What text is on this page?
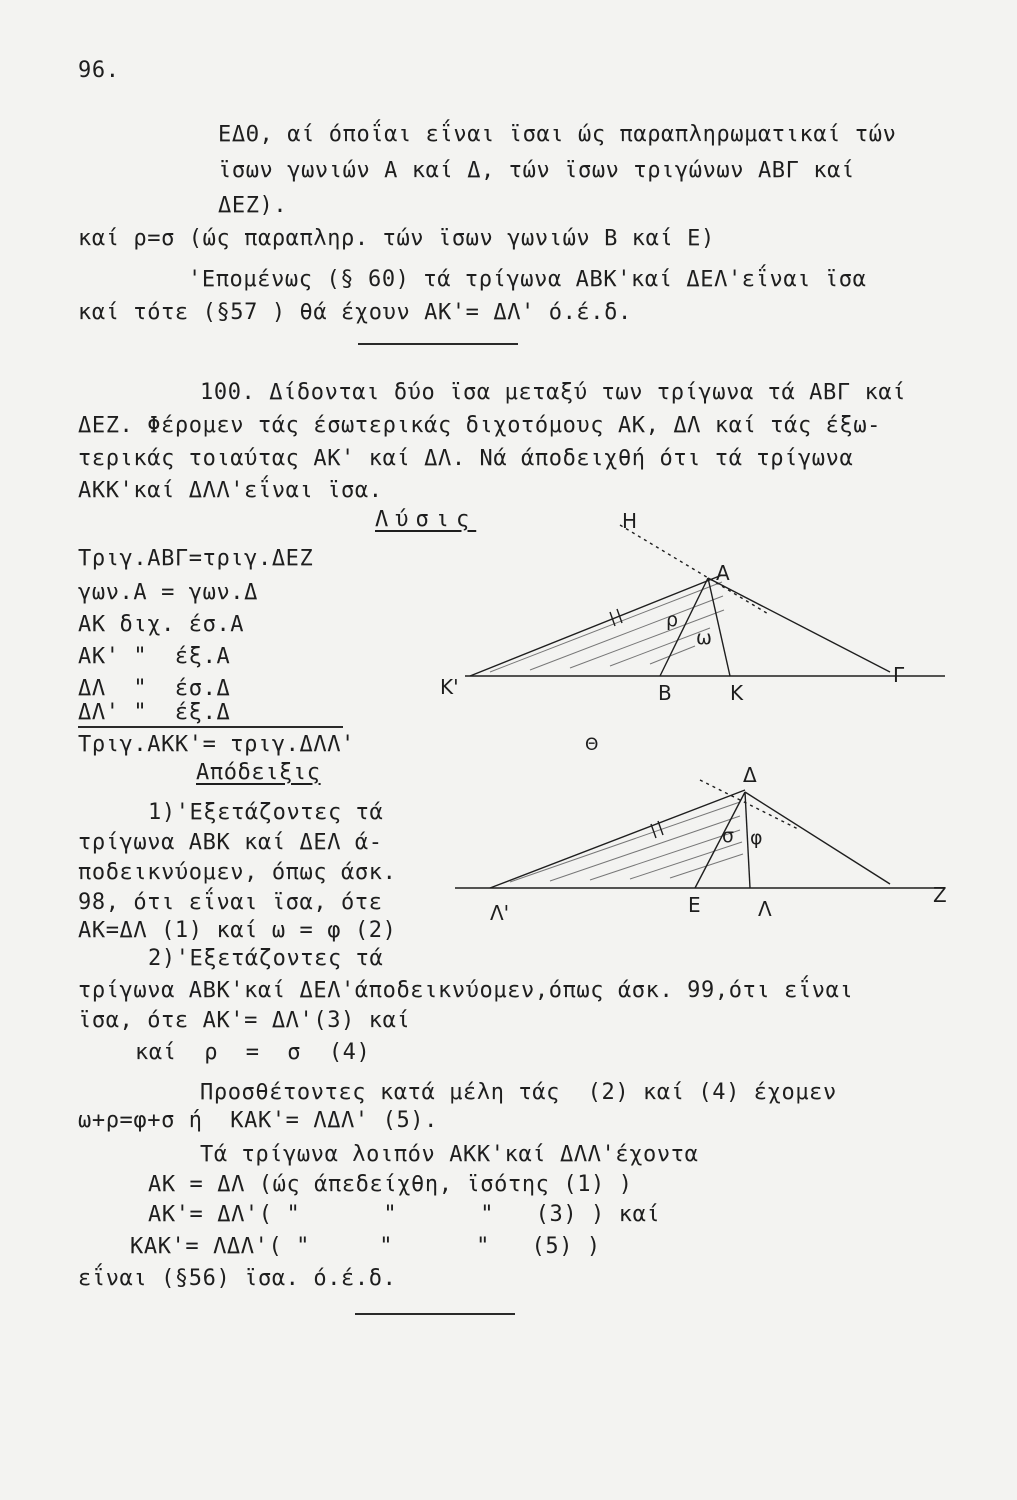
96.
ΕΔΘ, αί όποΐαι εΐναι ϊσαι ώς παραπληρωματικαί τών
ϊσων γωνιών Α καί Δ, τών ϊσων τριγώνων ΑΒΓ καί
ΔΕΖ).
καί ρ=σ (ώς παραπληρ. τών ϊσων γωνιών Β καί Ε)
'Επομένως (§ 60) τά τρίγωνα ΑΒΚ'καί ΔΕΛ'εΐναι ϊσα
καί τότε (§57 ) θά έχουν ΑΚ'= ΔΛ' ό.έ.δ.
100. Δίδονται δύο ϊσα μεταξύ των τρίγωνα τά ΑΒΓ καί
ΔΕΖ. Φέρομεν τάς έσωτερικάς διχοτόμους ΑΚ, ΔΛ καί τάς έξω-
τερικάς τοιαύτας ΑΚ' καί ΔΛ. Νά άποδειχθή ότι τά τρίγωνα
ΑΚΚ'καί ΔΛΛ'εΐναι ϊσα.
Λύσις
Τριγ.ΑΒΓ=τριγ.ΔΕΖ
γων.Α = γων.Δ
ΑΚ διχ. έσ.Α
ΑΚ' "  έξ.Α
ΔΛ  "  έσ.Δ
ΔΛ' "  έξ.Δ
Τριγ.ΑΚΚ'= τριγ.ΔΛΛ'
Απόδειξις
1)'Εξετάζοντες τά
τρίγωνα ΑΒΚ καί ΔΕΛ ά-
ποδεικνύομεν, όπως άσκ.
98, ότι εΐναι ϊσα, ότε
ΑΚ=ΔΛ (1) καί ω = φ (2)
2)'Εξετάζοντες τά
τρίγωνα ΑΒΚ'καί ΔΕΛ'άποδεικνύομεν,όπως άσκ. 99,ότι εΐναι
ϊσα, ότε ΑΚ'= ΔΛ'(3) καί
καί  ρ  =  σ  (4)
Προσθέτοντες κατά μέλη τάς  (2) καί (4) έχομεν
ω+ρ=φ+σ ή  ΚΑΚ'= ΛΔΛ' (5).
Τά τρίγωνα λοιπόν ΑΚΚ'καί ΔΛΛ'έχοντα
ΑΚ = ΔΛ (ώς άπεδείχθη, ϊσότης (1) )
ΑΚ'= ΔΛ'( "      "      "   (3) ) καί
ΚΑΚ'= ΛΔΛ'( "     "      "   (5) )
εΐναι (§56) ϊσα. ό.έ.δ.
Η
Α
Κ'	Β	Κ
Γ
ρ
ω
Θ
Δ
Λ'	Ε	Λ
Ζ
σ φ
